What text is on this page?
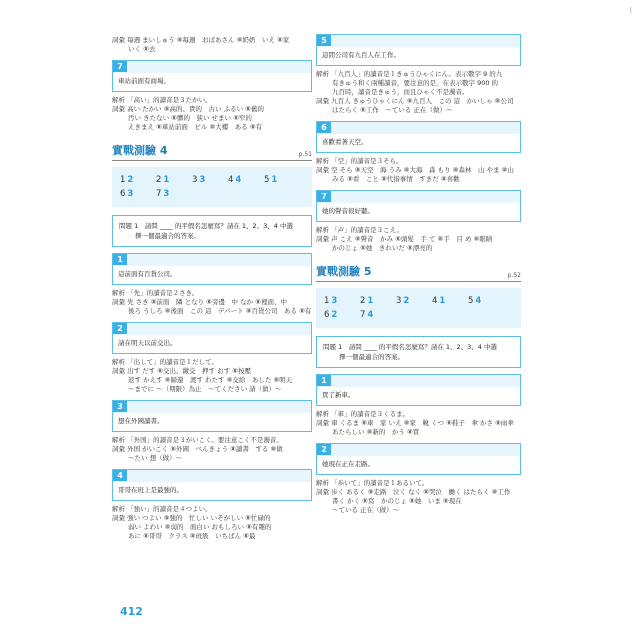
⁞
詞彙 毎週 まいしゅう ⑧毎週　おばあさん ⑧奶奶　いえ ⑧家
いく ⑧去
7
車站前面有商場。
解析 「高い」的讀音是３たかい。
詞彙 高い たかい ⑧高的、貴的　古い ふるい ⑧舊的
汚い きたない ⑧髒的　狭い せまい ⑧窄的
えきまえ ⑧車站前面　ビル ⑧大樓　ある ⑧有
實戰測驗 4	p.51
1 2	2 1	3 3	4 4	5 1
6 3	7 3
問題 1　請問 ____ 的平假名怎麼寫？請在 1、2、3、4 中選
擇一個最適合的答案。
1
這前面有百貨公司。
解析 「先」的讀音是２さき。
詞彙 先 さき ⑧前面　隣 となり ⑧旁邊　中 なか ⑧裡面、中
後ろ うしろ ⑧後面　この 這　デパート ⑧百貨公司　ある ⑧有
2
請在明天以前交出。
解析 「出して」的讀音是１だして。
詞彙 出す だす ⑧交出、繳交　押す おす ⑧按壓
返す かえす ⑧歸還　渡す わたす ⑧交給　あした ⑧明天
～までに ～（期限）為止　～てください 請（做）～
3
想在外國讀書。
解析 「外国」的讀音是３がいこく。要注意こく不是濁音。
詞彙 外国 がいこく ⑧外國　べんきょう ⑧讀書　する ⑧做
～たい 想（做）～
4
哥哥在班上是最強的。
解析 「強い」的讀音是４つよい。
詞彙 強い つよい ⑧強的　忙しい いそがしい ⑧忙碌的
弱い よわい ⑧弱的　面白い おもしろい ⑧有趣的
あに ⑧哥哥　クラス ⑧班級　いちばん ⑧最
5
這間公司有九百人在工作。
解析 「九百人」的讀音是１きゅうひゃくにん。表示數字 9 的九
有きゅう和く兩種讀音，要注意的是，在表示數字 900 的
九百時，讀音是きゅう，而且ひゃく不是濁音。
詞彙 九百人 きゅうひゃくにん ⑧九百人　この 這　かいしゃ ⑧公司
はたらく ⑧工作　～ている 正在（做）～
6
喜歡看著天空。
解析 「空」的讀音是３そら。
詞彙 空 そら ⑧天空　海 うみ ⑧大海　森 もり ⑧森林　山 やま ⑧山
みる ⑧看　こと ⑧代指事情　すきだ ⑧喜歡
7
她的聲音很好聽。
解析 「声」的讀音是３こえ。
詞彙 声 こえ ⑧聲音　かみ ⑧頭髮　手 て ⑧手　目 め ⑧眼睛
かのじょ ⑧她　きれいだ ⑧漂亮的
實戰測驗 5	p.52
1 3	2 1	3 2	4 1	5 4
6 2	7 4
問題 1　請問 ____ 的平假名怎麼寫？請在 1、2、3、4 中選
擇一個最適合的答案。
1
買了新車。
解析 「車」的讀音是３くるま。
詞彙 車 くるま ⑧車　家 いえ ⑧家　靴 くつ ⑧鞋子　傘 かさ ⑧雨傘
あたらしい ⑧新的　かう ⑧買
2
她現在正在走路。
解析 「歩いて」的讀音是１あるいて。
詞彙 歩く あるく ⑧走路　泣く なく ⑧哭泣　働く はたらく ⑧工作
書く かく ⑧寫　かのじょ ⑧她　いま ⑧現在
～ている 正在（做）～
412
